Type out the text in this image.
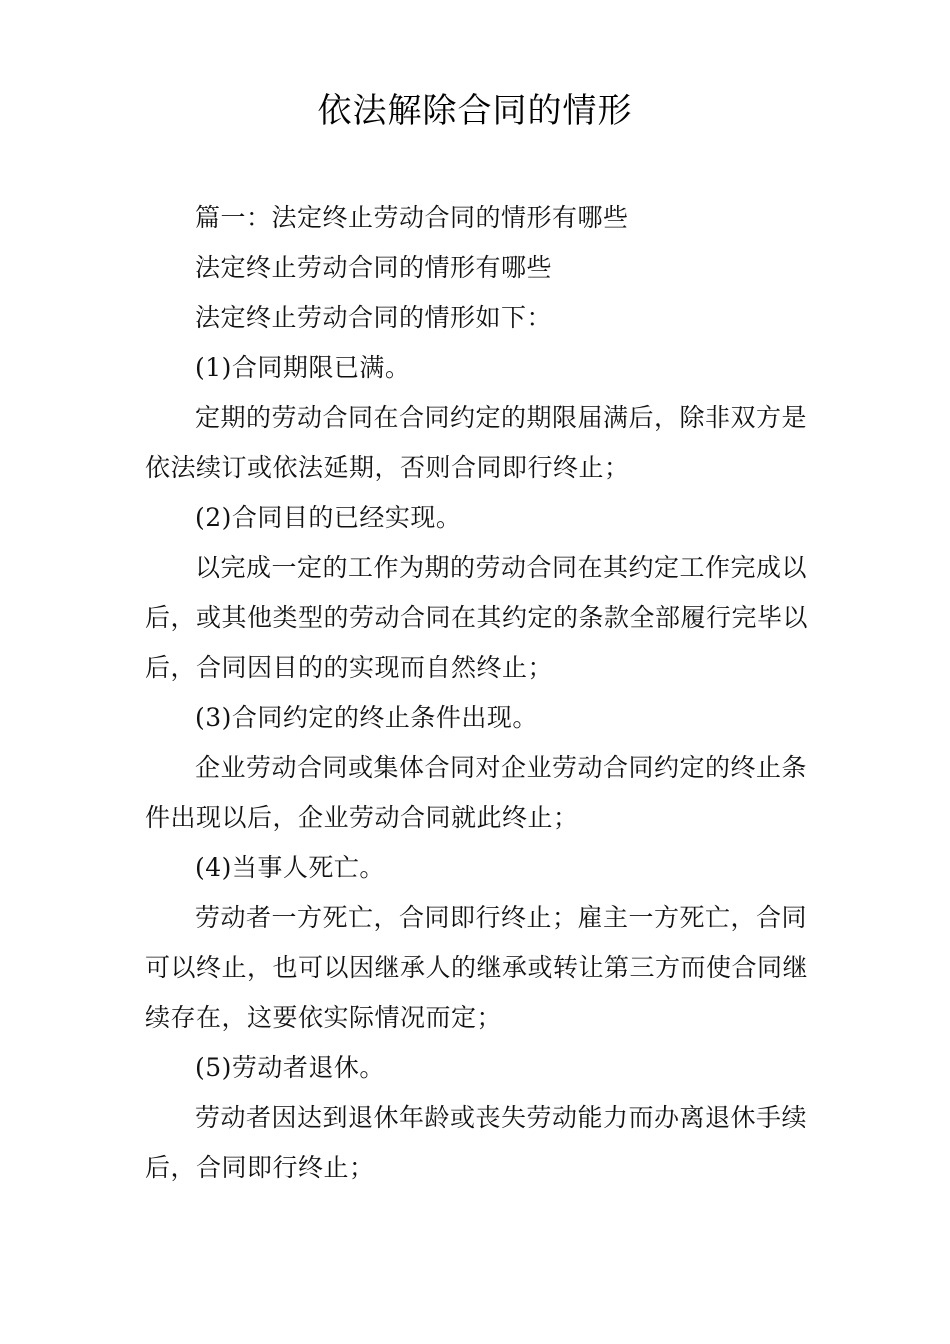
依法解除合同的情形

篇一：法定终止劳动合同的情形有哪些

法定终止劳动合同的情形有哪些

法定终止劳动合同的情形如下：

(1)合同期限已满。

定期的劳动合同在合同约定的期限届满后，除非双方是依法续订或依法延期，否则合同即行终止；

(2)合同目的已经实现。

以完成一定的工作为期的劳动合同在其约定工作完成以后，或其他类型的劳动合同在其约定的条款全部履行完毕以后，合同因目的的实现而自然终止；

(3)合同约定的终止条件出现。

企业劳动合同或集体合同对企业劳动合同约定的终止条件出现以后，企业劳动合同就此终止；

(4)当事人死亡。

劳动者一方死亡，合同即行终止；雇主一方死亡，合同可以终止，也可以因继承人的继承或转让第三方而使合同继续存在，这要依实际情况而定；

(5)劳动者退休。

劳动者因达到退休年龄或丧失劳动能力而办离退休手续后，合同即行终止；
